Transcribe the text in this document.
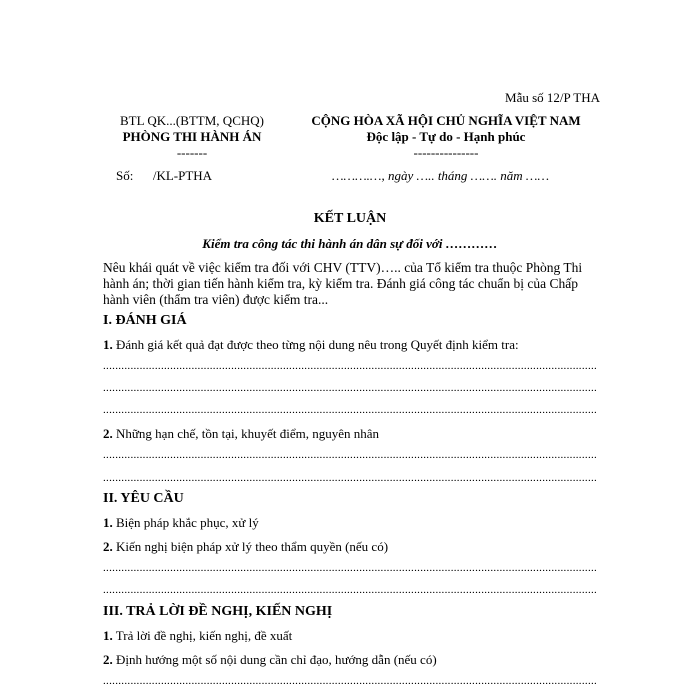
Mẫu số 12/P THA
BTL QK...(BTTM, QCHQ)
PHÒNG THI HÀNH ÁN
-------
CỘNG HÒA XÃ HỘI CHỦ NGHĨA VIỆT NAM
Độc lập - Tự do - Hạnh phúc
---------------
Số:      /KL-PTHA	……….…, ngày ….. tháng ……. năm ……
KẾT LUẬN
Kiểm tra công tác thi hành án dân sự đối với …………
Nêu khái quát về việc kiểm tra đối với CHV (TTV)….. của Tổ kiểm tra thuộc Phòng Thi hành án; thời gian tiến hành kiểm tra, kỳ kiểm tra. Đánh giá công tác chuẩn bị của Chấp hành viên (thẩm tra viên) được kiểm tra...
I. ĐÁNH GIÁ
1. Đánh giá kết quả đạt được theo từng nội dung nêu trong Quyết định kiểm tra:
.....
.....
.....
2. Những hạn chế, tồn tại, khuyết điểm, nguyên nhân
.....
.....
II. YÊU CẦU
1. Biện pháp khắc phục, xử lý
2. Kiến nghị biện pháp xử lý theo thẩm quyền (nếu có)
.....
.....
III. TRẢ LỜI ĐỀ NGHỊ, KIẾN NGHỊ
1. Trả lời đề nghị, kiến nghị, đề xuất
2. Định hướng một số nội dung cần chỉ đạo, hướng dẫn (nếu có)
.....
